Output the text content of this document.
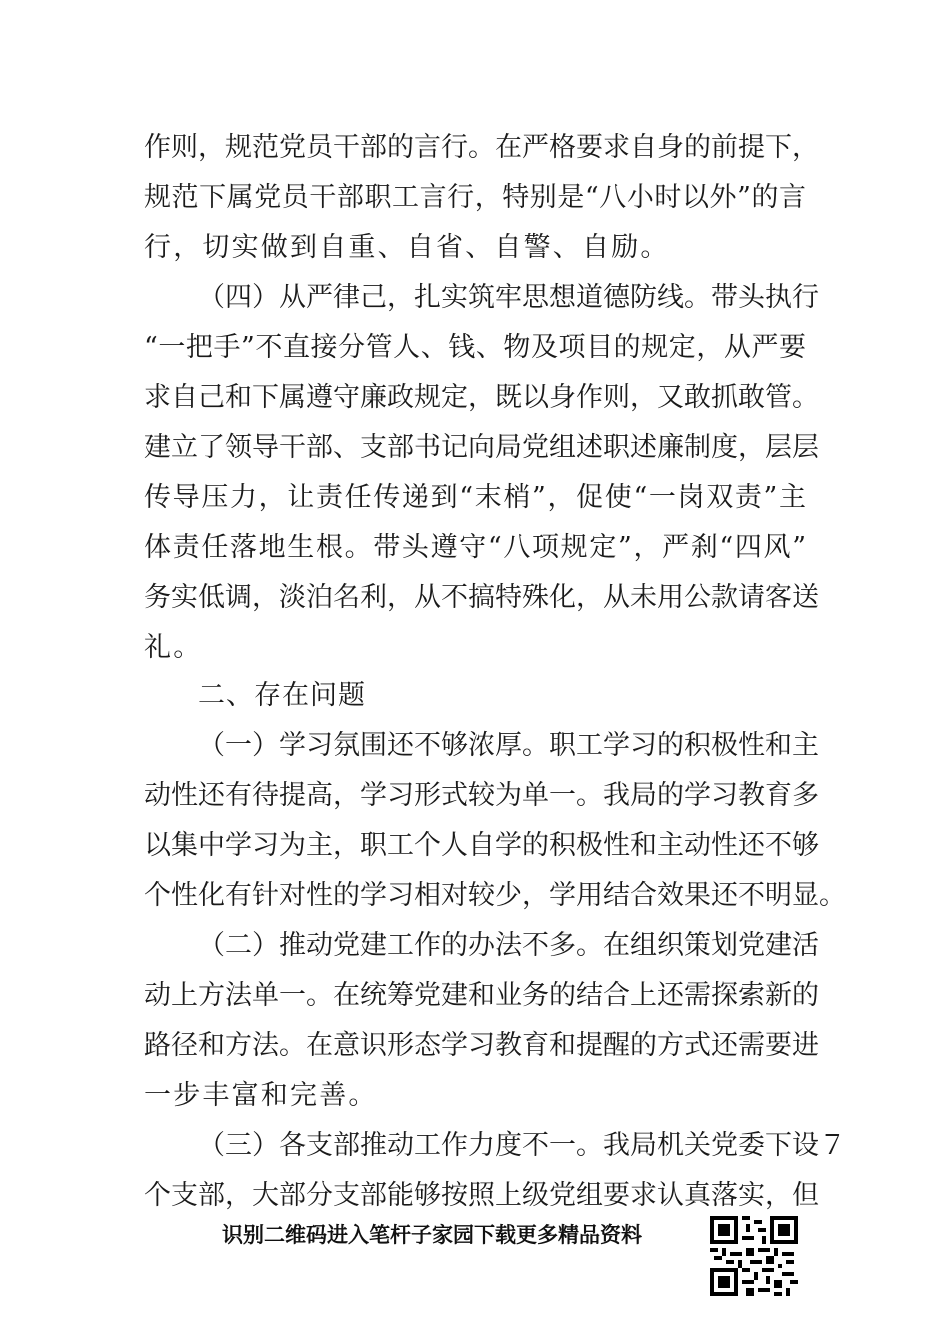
作则，规范党员干部的言行。在严格要求自身的前提下，
规范下属党员干部职工言行，特别是“八小时以外”的言
行，切实做到自重、自省、自警、自励。
（四）从严律己，扎实筑牢思想道德防线。带头执行
“一把手”不直接分管人、钱、物及项目的规定，从严要
求自己和下属遵守廉政规定，既以身作则，又敢抓敢管。
建立了领导干部、支部书记向局党组述职述廉制度，层层
传导压力，让责任传递到“末梢”，促使“一岗双责”主
体责任落地生根。带头遵守“八项规定”，严刹“四风”
务实低调，淡泊名利，从不搞特殊化，从未用公款请客送
礼。
二、存在问题
（一）学习氛围还不够浓厚。职工学习的积极性和主
动性还有待提高，学习形式较为单一。我局的学习教育多
以集中学习为主，职工个人自学的积极性和主动性还不够
个性化有针对性的学习相对较少，学用结合效果还不明显。
（二）推动党建工作的办法不多。在组织策划党建活
动上方法单一。在统筹党建和业务的结合上还需探索新的
路径和方法。在意识形态学习教育和提醒的方式还需要进
一步丰富和完善。
（三）各支部推动工作力度不一。我局机关党委下设７
个支部，大部分支部能够按照上级党组要求认真落实，但
识别二维码进入笔杆子家园下载更多精品资料
